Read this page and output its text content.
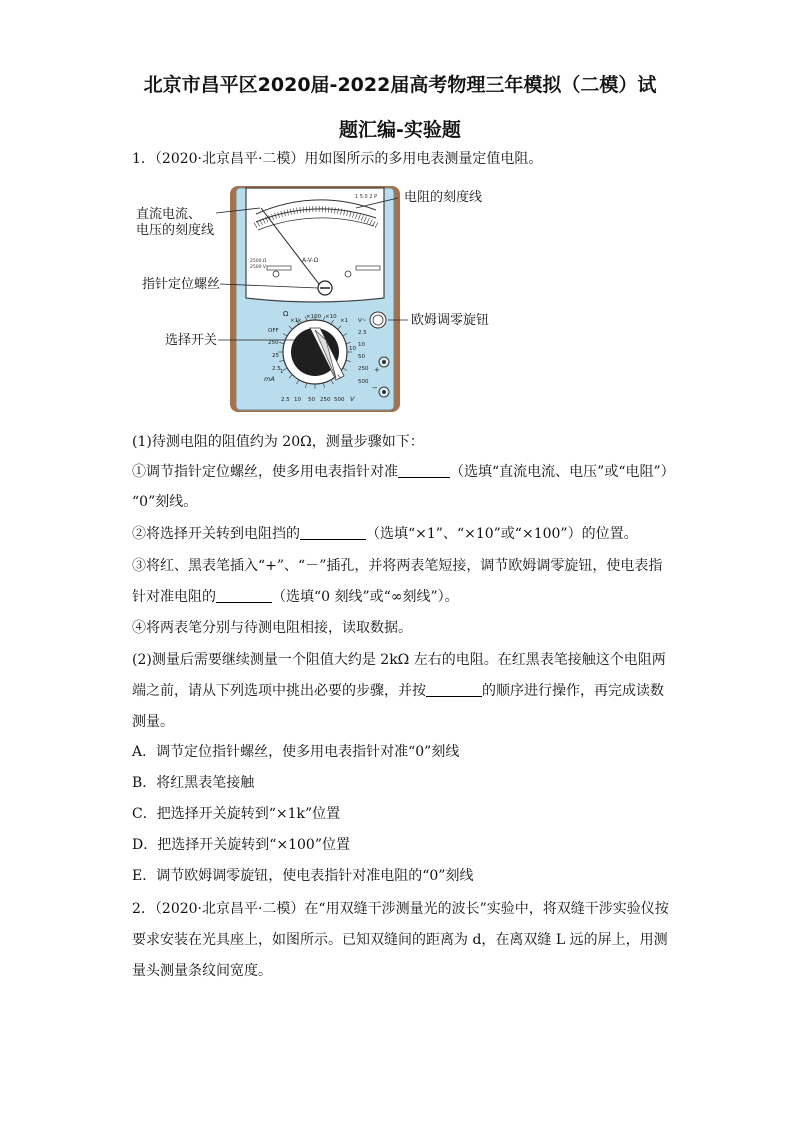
北京市昌平区2020届-2022届高考物理三年模拟（二模）试
题汇编-实验题
1．（2020·北京昌平·二模）用如图所示的多用电表测量定值电阻。
A-V-Ω
1 5.0 2 P
2500 Ω
2500 V
+
−
Ω
×1k
×100 ×10
×1 V~
OFF
250
25
2.5 1
mA
2.5
10
50
250
500
10
2.5 10 50 250 500 V
直流电流、
电压的刻度线
电阻的刻度线
指针定位螺丝
欧姆调零旋钮
选择开关
(1)待测电阻的阻值约为 20Ω，测量步骤如下：
①调节指针定位螺丝，使多用电表指针对准	（选填“直流电流、电压”或“电阻”）
“0”刻线。
②将选择开关转到电阻挡的	（选填“×1”、“×10”或“×100”）的位置。
③将红、黑表笔插入“+”、“－”插孔，并将两表笔短接，调节欧姆调零旋钮，使电表指
针对准电阻的	（选填“0 刻线”或“∞刻线”）。
④将两表笔分别与待测电阻相接，读取数据。
(2)测量后需要继续测量一个阻值大约是 2kΩ 左右的电阻。在红黑表笔接触这个电阻两
端之前，请从下列选项中挑出必要的步骤，并按	的顺序进行操作，再完成读数
测量。
A．调节定位指针螺丝，使多用电表指针对准“0”刻线
B．将红黑表笔接触
C．把选择开关旋转到“×1k”位置
D．把选择开关旋转到“×100”位置
E．调节欧姆调零旋钮，使电表指针对准电阻的“0”刻线
2．（2020·北京昌平·二模）在“用双缝干涉测量光的波长”实验中，将双缝干涉实验仪按
要求安装在光具座上，如图所示。已知双缝间的距离为 d，在离双缝 L 远的屏上，用测
量头测量条纹间宽度。
